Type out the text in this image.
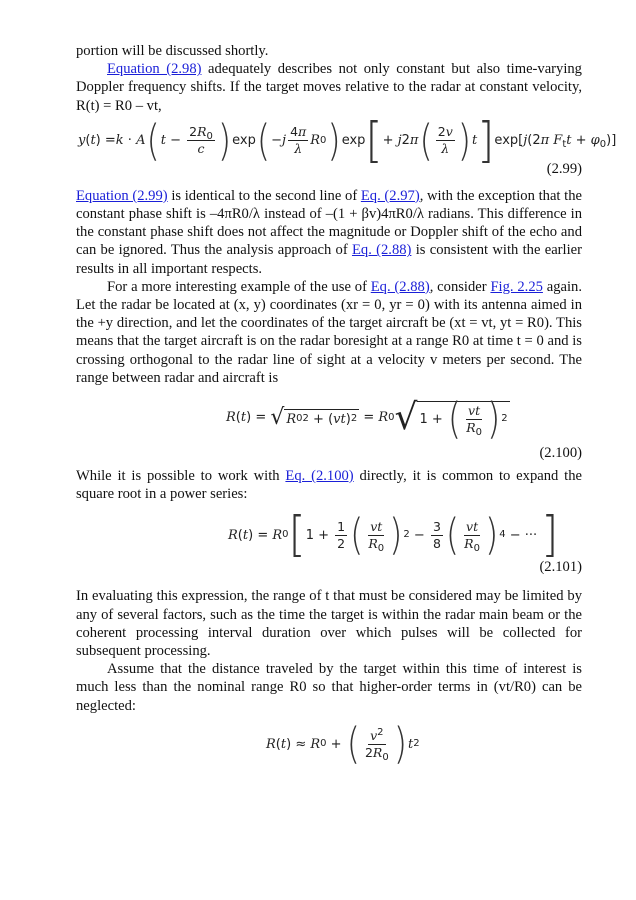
portion will be discussed shortly.

Equation (2.98) adequately describes not only constant but also time-varying Doppler frequency shifts. If the target moves relative to the radar at constant velocity, R(t) = R0 – vt,

y ( t ) = k · A ( $t - \frac{2R_0}{c}$ ) exp ( $-j \frac{4\pi}{\lambda}$ R 0 ) exp [ + j2π ( $\frac{2v}{\lambda}$ ) t ] exp[j(2π $F_tt + \varphi_0$)]
(2.99)

Equation (2.99) is identical to the second line of Eq. (2.97), with the exception that the constant phase shift is –4πR0/λ instead of –(1 + βv)4πR0/λ radians. This difference in the constant phase shift does not affect the magnitude or Doppler shift of the echo and can be ignored. Thus the analysis approach of Eq. (2.88) is consistent with the earlier results in all important respects.

For a more interesting example of the use of Eq. (2.88), consider Fig. 2.25 again. Let the radar be located at (x, y) coordinates (xr = 0, yr = 0) with its antenna aimed in the +y direction, and let the coordinates of the target aircraft be (xt = vt, yt = R0). This means that the target aircraft is on the radar boresight at a range R0 at time t = 0 and is crossing orthogonal to the radar line of sight at a velocity v meters per second. The range between radar and aircraft is

R ( t ) = √ R 0 2 + ( vt ) 2 = R 0 √ 1 + ( $\frac{vt}{R_0}$ ) 2
(2.100)

While it is possible to work with Eq. (2.100) directly, it is common to expand the square root in a power series:

R ( t ) = R 0 [ $1 + \frac{1}{2}$ ( $\frac{vt}{R_0}$ ) $2 - \frac{3}{8}$ ( $\frac{vt}{R_0}$ ) 4 − ··· ]
(2.101)

In evaluating this expression, the range of t that must be considered may be limited by any of several factors, such as the time the target is within the radar main beam or the coherent processing interval duration over which pulses will be collected for subsequent processing.

Assume that the distance traveled by the target within this time of interest is much less than the nominal range R0 so that higher-order terms in (vt/R0) can be neglected:

R ( t ) ≈ R 0 + ( $\frac{v^2}{2R_0}$ ) t 2
